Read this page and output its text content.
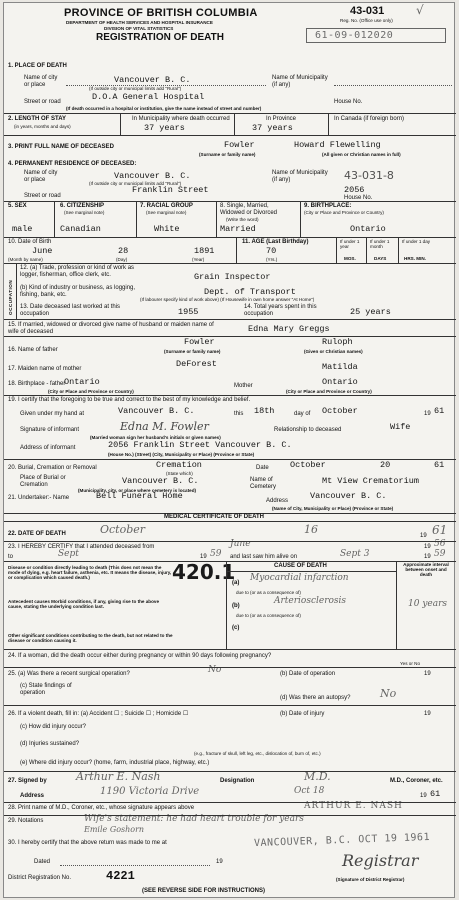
PROVINCE OF BRITISH COLUMBIA
DEPARTMENT OF HEALTH SERVICES AND HOSPITAL INSURANCE
DIVISION OF VITAL STATISTICS
REGISTRATION OF DEATH
43-031	√
Reg. No. (Office use only)
61-09-012020
1. PLACE OF DEATH
Name of city or place	Vancouver B. C.
(If outside city or municipal limits add "Rural")
Name of Municipality (if any)
Street or road	D.O.A General Hospital	House No.
(If death occurred in a hospital or institution, give the name instead of street and number)
2. LENGTH OF STAY
(in years, months and days)
In Municipality where death occurred
37 years
In Province
37 years
In Canada (if foreign born)
3. PRINT FULL NAME OF DECEASED	Fowler	Howard Flewelling
(Surname or family name)	(All given or Christian names in full)
4. PERMANENT RESIDENCE OF DECEASED:
Name of city or place	Vancouver B. C.
(If outside city or municipal limits add "Rural")
Name of Municipality (if any)	43-031-8
Street or road
Franklin Street	2056
House No.
5. SEX
male
6. CITIZENSHIP
(See marginal note)
Canadian
7. RACIAL GROUP
(See marginal note)
White
8. Single, Married, Widowed or Divorced
(Write the word)
Married
9. BIRTHPLACE:
(City or Place and Province or Country)
Ontario
10. Date of Birth
June	28	1891
(Month by name)	(Day)	(Year)
11. AGE (Last Birthday)
70
(Yrs.)
If under 1 year
MOS.
If under 1 month
DAYS
If under 1 day
HRS. MIN.
OCCUPATION
12. (a) Trade, profession or kind of work as logger, fisherman, office clerk, etc.	Grain Inspector
(b) Kind of industry or business, as logging, fishing, bank, etc.	Dept. of Transport
(If labourer specify kind of work above) (If Housewife in own home answer "At Home")
13. Date deceased last worked at this occupation	1955	14. Total years spent in this occupation	25 years
15. If married, widowed or divorced give name of husband or maiden name of wife of deceased	Edna Mary Greggs
16. Name of father
Fowler	Ruloph
(Surname or family name)	(Given or Christian names)
17. Maiden name of mother	DeForest	Matilda
18. Birthplace - father
Ontario	Mother	Ontario
(City or Place and Province or Country)	(City or Place and Province or Country)
19. I certify that the foregoing to be true and correct to the best of my knowledge and belief.
Given under my hand at	Vancouver B. C.	this 18th	day of October	19 61
Signature of informant	Edna M. Fowler	Relationship to deceased	Wife
(Married woman sign her husband's initials or given names)
Address of informant	2056 Franklin Street Vancouver B. C.
(House No.) (Street) (City, Municipality or Place) (Province or State)
20. Burial, Cremation or Removal	Cremation
(State which)
Date	October	20	61
Place of Burial or Cremation	Vancouver B. C.	Name of Cemetery
Mt View Crematorium
(Municipality, city, or place where cemetery is located)
21. Undertaker:- Name	Bell Funeral Home	Address	Vancouver B. C.
(Name of City, Municipality or Place) (Province or State)
MEDICAL CERTIFICATE OF DEATH
22. DATE OF DEATH	October	16	19 61
23. I HEREBY CERTIFY that I attended deceased from	June	19 56
to	Sept	19 59 and last saw him alive on	Sept 3	19 59
420.1	CAUSE OF DEATH	Approximate interval between onset and death
Disease or condition directly leading to death (This does not mean the mode of dying, e.g. heart failure, asthenia, etc. It means the disease, injury, or complication which caused death.)
Antecedent causes Morbid conditions, if any, giving rise to the above cause, stating the underlying condition last.
Other significant conditions contributing to the death, but not related to the disease or condition causing it.
(a) Myocardial infarction
due to (or as a consequence of)
(b)	Arteriosclerosis	10 years
due to (or as a consequence of)
(c)
24. If a woman, did the death occur either during pregnancy or within 90 days following pregnancy?
Yes or No
25. (a) Was there a recent surgical operation?	No	(b) Date of operation	19
(c) State findings of operation
(d) Was there an autopsy?	No
26. If a violent death, fill in: (a) Accident ☐ ; Suicide ☐ ; Homicide ☐	(b) Date of injury	19
(c) How did injury occur?
(d) Injuries sustained?
(e.g., fracture of skull, left leg, etc., dislocation of, burn of, etc.)
(e) Where did injury occur? (home, farm, industrial place, highway, etc.)
27. Signed by	Arthur E. Nash	Designation	M.D.	M.D., Coroner, etc.
Address	1190 Victoria Drive	Oct 18	19 61
28. Print name of M.D., Coroner, etc., whose signature appears above	ARTHUR E. NASH
29. Notations	Wife's statement: he had heart trouble for years
Emile Goshorn
30. I hereby certify that the above return was made to me at	VANCOUVER, B.C. OCT 19 1961
Dated	19
District Registration No.	4221
Registrar
(Signature of District Registrar)
(SEE REVERSE SIDE FOR INSTRUCTIONS)
